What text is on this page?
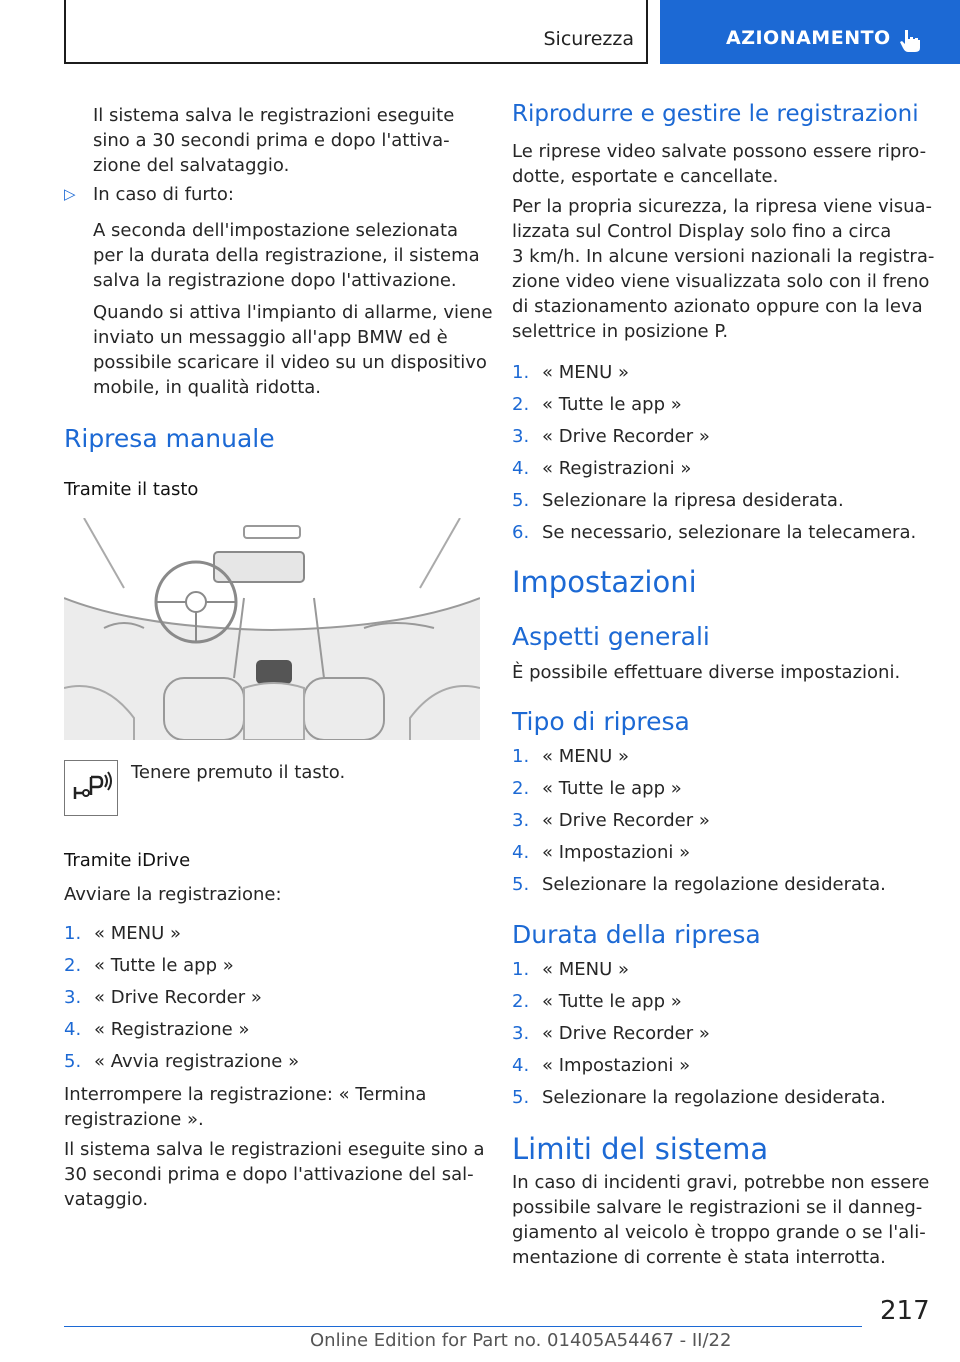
Sicurezza	AZIONAMENTO
Il sistema salva le registrazioni eseguite
sino a 30 secondi prima e dopo l'attiva-
zione del salvataggio.
▷ In caso di furto:
A seconda dell'impostazione selezionata
per la durata della registrazione, il sistema
salva la registrazione dopo l'attivazione.
Quando si attiva l'impianto di allarme, viene
inviato un messaggio all'app BMW ed è
possibile scaricare il video su un dispositivo
mobile, in qualità ridotta.
Ripresa manuale
Tramite il tasto
Tenere premuto il tasto.
Tramite iDrive
Avviare la registrazione:
1. « MENU »
2. « Tutte le app »
3. « Drive Recorder »
4. « Registrazione »
5. « Avvia registrazione »
Interrompere la registrazione: « Termina
registrazione ».
Il sistema salva le registrazioni eseguite sino a
30 secondi prima e dopo l'attivazione del sal-
vataggio.
Riprodurre e gestire le registrazioni
Le riprese video salvate possono essere ripro-
dotte, esportate e cancellate.
Per la propria sicurezza, la ripresa viene visua-
lizzata sul Control Display solo fino a circa
3 km/h. In alcune versioni nazionali la registra-
zione video viene visualizzata solo con il freno
di stazionamento azionato oppure con la leva
selettrice in posizione P.
1. « MENU »
2. « Tutte le app »
3. « Drive Recorder »
4. « Registrazioni »
5. Selezionare la ripresa desiderata.
6. Se necessario, selezionare la telecamera.
Impostazioni
Aspetti generali
È possibile effettuare diverse impostazioni.
Tipo di ripresa
1. « MENU »
2. « Tutte le app »
3. « Drive Recorder »
4. « Impostazioni »
5. Selezionare la regolazione desiderata.
Durata della ripresa
1. « MENU »
2. « Tutte le app »
3. « Drive Recorder »
4. « Impostazioni »
5. Selezionare la regolazione desiderata.
Limiti del sistema
In caso di incidenti gravi, potrebbe non essere
possibile salvare le registrazioni se il danneg-
giamento al veicolo è troppo grande o se l'ali-
mentazione di corrente è stata interrotta.
217
Online Edition for Part no. 01405A54467 - II/22
